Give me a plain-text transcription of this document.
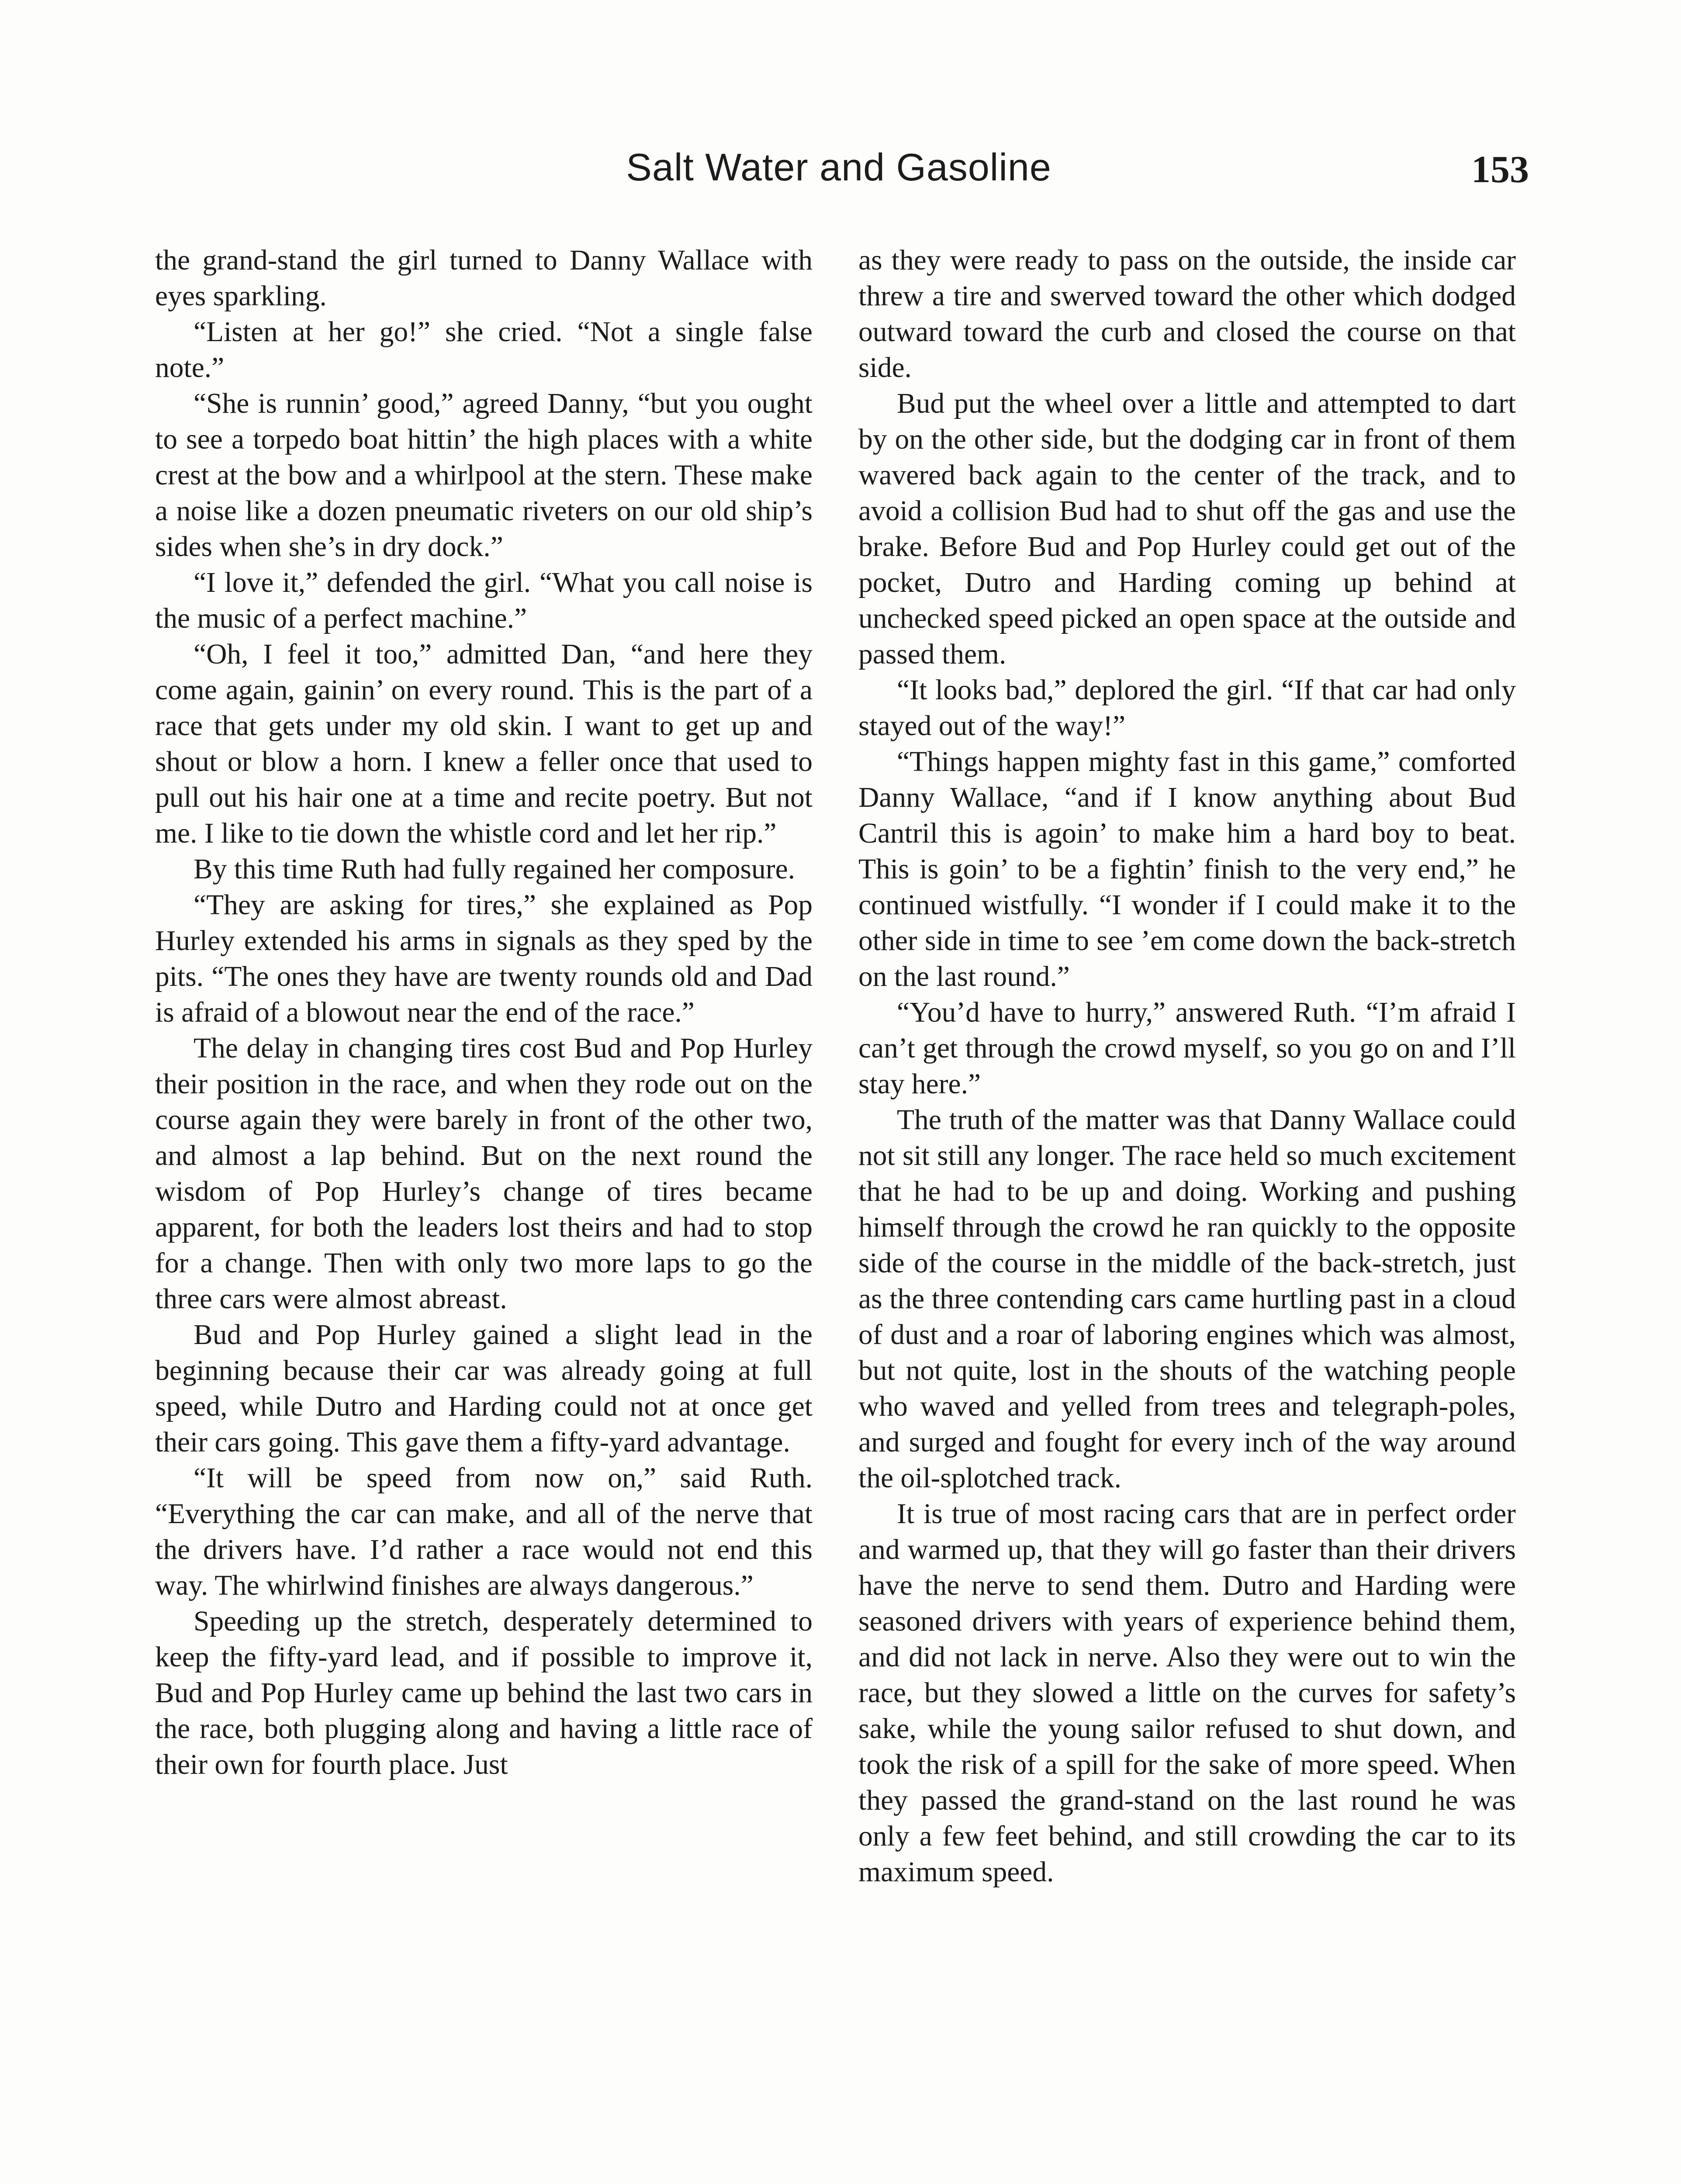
Salt Water and Gasoline	153

the grand-stand the girl turned to Danny Wallace with eyes sparkling.

“Listen at her go!” she cried. “Not a single false note.”

“She is runnin’ good,” agreed Danny, “but you ought to see a torpedo boat hittin’ the high places with a white crest at the bow and a whirlpool at the stern. These make a noise like a dozen pneumatic riveters on our old ship’s sides when she’s in dry dock.”

“I love it,” defended the girl. “What you call noise is the music of a perfect machine.”

“Oh, I feel it too,” admitted Dan, “and here they come again, gainin’ on every round. This is the part of a race that gets under my old skin. I want to get up and shout or blow a horn. I knew a feller once that used to pull out his hair one at a time and recite poetry. But not me. I like to tie down the whistle cord and let her rip.”

By this time Ruth had fully regained her composure.

“They are asking for tires,” she explained as Pop Hurley extended his arms in signals as they sped by the pits. “The ones they have are twenty rounds old and Dad is afraid of a blowout near the end of the race.”

The delay in changing tires cost Bud and Pop Hurley their position in the race, and when they rode out on the course again they were barely in front of the other two, and almost a lap behind. But on the next round the wisdom of Pop Hurley’s change of tires became apparent, for both the leaders lost theirs and had to stop for a change. Then with only two more laps to go the three cars were almost abreast.

Bud and Pop Hurley gained a slight lead in the beginning because their car was already going at full speed, while Dutro and Harding could not at once get their cars going. This gave them a fifty-yard advantage.

“It will be speed from now on,” said Ruth. “Everything the car can make, and all of the nerve that the drivers have. I’d rather a race would not end this way. The whirlwind finishes are always dangerous.”

Speeding up the stretch, desperately determined to keep the fifty-yard lead, and if possible to improve it, Bud and Pop Hurley came up behind the last two cars in the race, both plugging along and having a little race of their own for fourth place. Just

as they were ready to pass on the outside, the inside car threw a tire and swerved toward the other which dodged outward toward the curb and closed the course on that side.

Bud put the wheel over a little and attempted to dart by on the other side, but the dodging car in front of them wavered back again to the center of the track, and to avoid a collision Bud had to shut off the gas and use the brake. Before Bud and Pop Hurley could get out of the pocket, Dutro and Harding coming up behind at unchecked speed picked an open space at the outside and passed them.

“It looks bad,” deplored the girl. “If that car had only stayed out of the way!”

“Things happen mighty fast in this game,” comforted Danny Wallace, “and if I know anything about Bud Cantril this is agoin’ to make him a hard boy to beat. This is goin’ to be a fightin’ finish to the very end,” he continued wistfully. “I wonder if I could make it to the other side in time to see ’em come down the back-stretch on the last round.”

“You’d have to hurry,” answered Ruth. “I’m afraid I can’t get through the crowd myself, so you go on and I’ll stay here.”

The truth of the matter was that Danny Wallace could not sit still any longer. The race held so much excitement that he had to be up and doing. Working and pushing himself through the crowd he ran quickly to the opposite side of the course in the middle of the back-stretch, just as the three contending cars came hurtling past in a cloud of dust and a roar of laboring engines which was almost, but not quite, lost in the shouts of the watching people who waved and yelled from trees and telegraph-poles, and surged and fought for every inch of the way around the oil-splotched track.

It is true of most racing cars that are in perfect order and warmed up, that they will go faster than their drivers have the nerve to send them. Dutro and Harding were seasoned drivers with years of experience behind them, and did not lack in nerve. Also they were out to win the race, but they slowed a little on the curves for safety’s sake, while the young sailor refused to shut down, and took the risk of a spill for the sake of more speed. When they passed the grand-stand on the last round he was only a few feet behind, and still crowding the car to its maximum speed.
